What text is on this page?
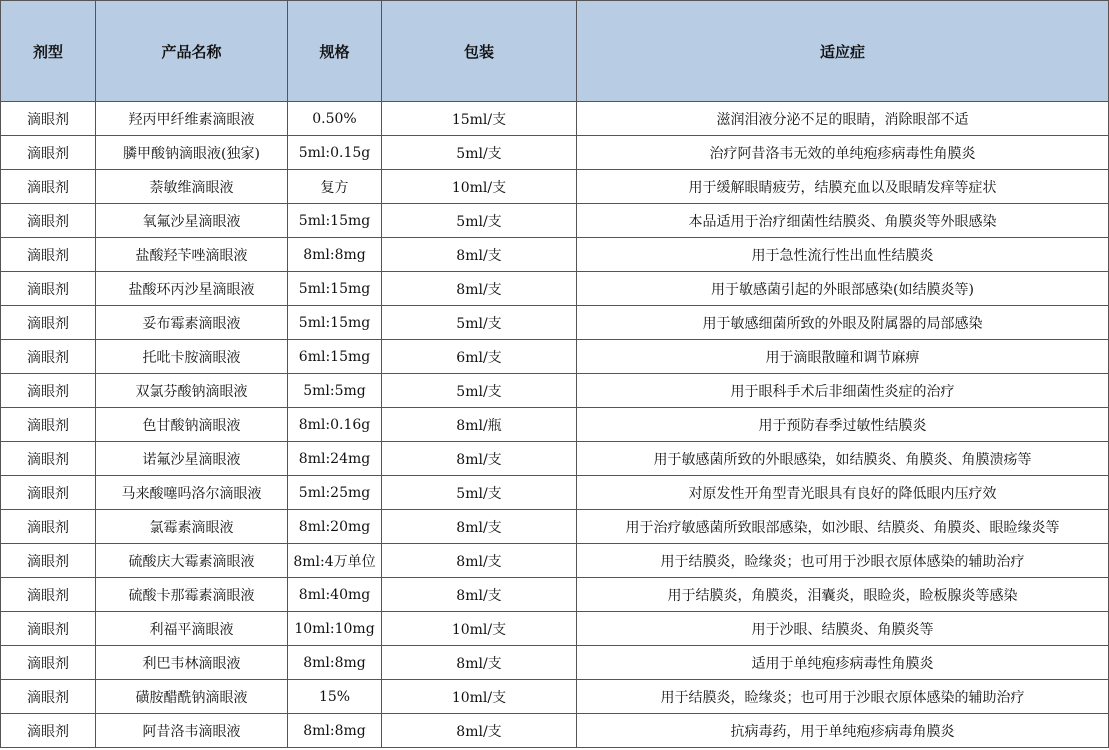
剂型	产品名称	规格	包装	适应症
滴眼剂	羟丙甲纤维素滴眼液	0.50%	15ml/支	滋润泪液分泌不足的眼睛，消除眼部不适
滴眼剂	膦甲酸钠滴眼液(独家)	5ml:0.15g	5ml/支	治疗阿昔洛韦无效的单纯疱疹病毒性角膜炎
滴眼剂	萘敏维滴眼液	复方	10ml/支	用于缓解眼睛疲劳，结膜充血以及眼睛发痒等症状
滴眼剂	氧氟沙星滴眼液	5ml:15mg	5ml/支	本品适用于治疗细菌性结膜炎、角膜炎等外眼感染
滴眼剂	盐酸羟苄唑滴眼液	8ml:8mg	8ml/支	用于急性流行性出血性结膜炎
滴眼剂	盐酸环丙沙星滴眼液	5ml:15mg	8ml/支	用于敏感菌引起的外眼部感染(如结膜炎等)
滴眼剂	妥布霉素滴眼液	5ml:15mg	5ml/支	用于敏感细菌所致的外眼及附属器的局部感染
滴眼剂	托吡卡胺滴眼液	6ml:15mg	6ml/支	用于滴眼散瞳和调节麻痹
滴眼剂	双氯芬酸钠滴眼液	5ml:5mg	5ml/支	用于眼科手术后非细菌性炎症的治疗
滴眼剂	色甘酸钠滴眼液	8ml:0.16g	8ml/瓶	用于预防春季过敏性结膜炎
滴眼剂	诺氟沙星滴眼液	8ml:24mg	8ml/支	用于敏感菌所致的外眼感染，如结膜炎、角膜炎、角膜溃疡等
滴眼剂	马来酸噻吗洛尔滴眼液	5ml:25mg	5ml/支	对原发性开角型青光眼具有良好的降低眼内压疗效
滴眼剂	氯霉素滴眼液	8ml:20mg	8ml/支	用于治疗敏感菌所致眼部感染，如沙眼、结膜炎、角膜炎、眼睑缘炎等
滴眼剂	硫酸庆大霉素滴眼液	8ml:4万单位	8ml/支	用于结膜炎，睑缘炎；也可用于沙眼衣原体感染的辅助治疗
滴眼剂	硫酸卡那霉素滴眼液	8ml:40mg	8ml/支	用于结膜炎，角膜炎，泪囊炎，眼睑炎，睑板腺炎等感染
滴眼剂	利福平滴眼液	10ml:10mg	10ml/支	用于沙眼、结膜炎、角膜炎等
滴眼剂	利巴韦林滴眼液	8ml:8mg	8ml/支	适用于单纯疱疹病毒性角膜炎
滴眼剂	磺胺醋酰钠滴眼液	15%	10ml/支	用于结膜炎，睑缘炎；也可用于沙眼衣原体感染的辅助治疗
滴眼剂	阿昔洛韦滴眼液	8ml:8mg	8ml/支	抗病毒药，用于单纯疱疹病毒角膜炎
